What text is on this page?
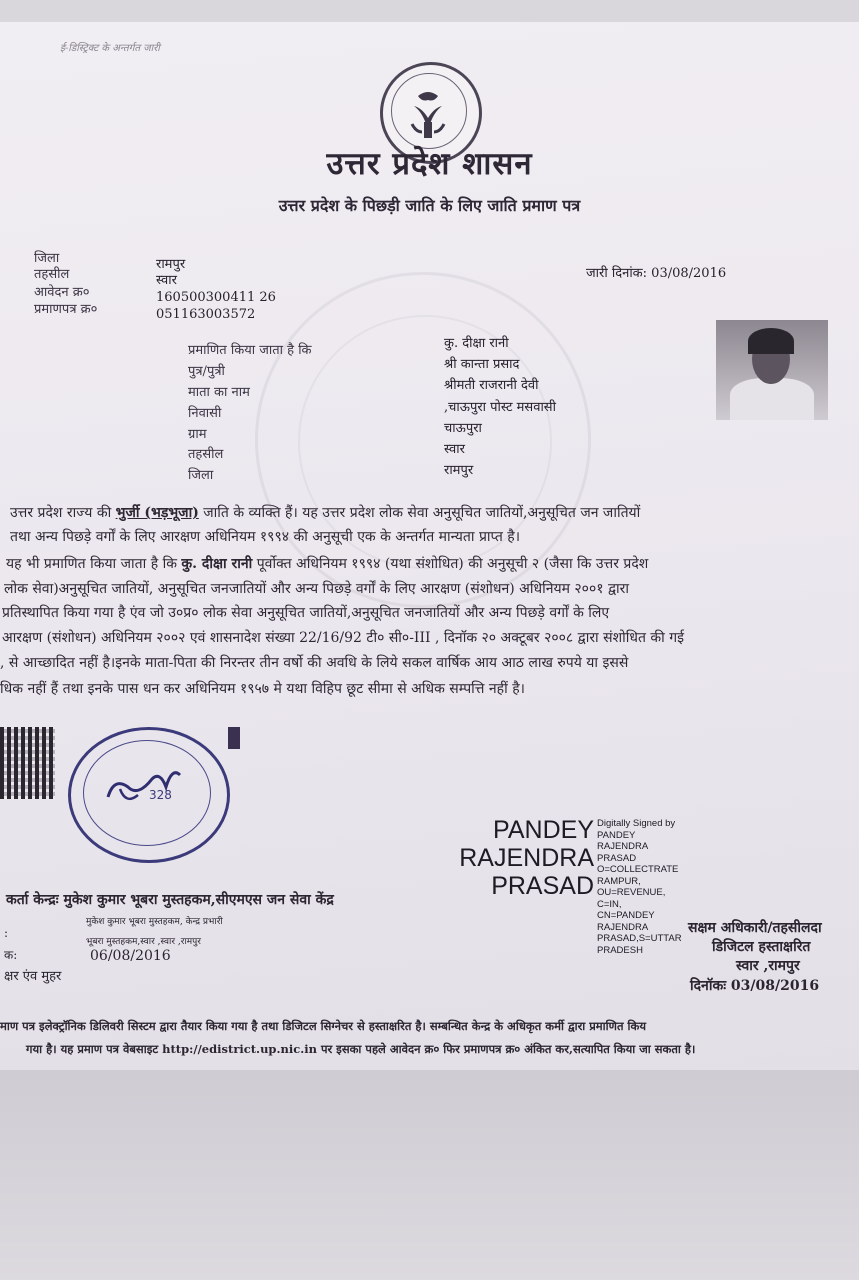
ई-डिस्ट्रिक्ट के अन्तर्गत जारी
उत्तर प्रदेश शासन
उत्तर प्रदेश के पिछड़ी जाति के लिए जाति प्रमाण पत्र
जिला	रामपुर
तहसील	स्वार
आवेदन क्र०	160500300411 26
प्रमाणपत्र क्र०	051163003572
जारी दिनांक: 03/08/2016
प्रमाणित किया जाता है कि	कु. दीक्षा रानी
पुत्र/पुत्री	श्री कान्ता प्रसाद
माता का नाम	श्रीमती राजरानी देवी
निवासी	,चाऊपुरा पोस्ट मसवासी
ग्राम	चाऊपुरा
तहसील	स्वार
जिला	रामपुर
उत्तर प्रदेश राज्य की भुर्जी (भड़भूजा) जाति के व्यक्ति हैं। यह उत्तर प्रदेश लोक सेवा अनुसूचित जातियों,अनुसूचित जन जातियों
तथा अन्य पिछड़े वर्गों के लिए आरक्षण अधिनियम १९९४ की अनुसूची एक के अन्तर्गत मान्यता प्राप्त है।
यह भी प्रमाणित किया जाता है कि कु. दीक्षा रानी पूर्वोक्त अधिनियम १९९४ (यथा संशोधित) की अनुसूची २ (जैसा कि उत्तर प्रदेश
लोक सेवा)अनुसूचित जातियों, अनुसूचित जनजातियों और अन्य पिछड़े वर्गों के लिए आरक्षण (संशोधन) अधिनियम २००१ द्वारा
प्रतिस्थापित किया गया है एंव जो उ०प्र० लोक सेवा अनुसूचित जातियों,अनुसूचित जनजातियों और अन्य पिछड़े वर्गों के लिए
आरक्षण (संशोधन) अधिनियम २००२ एवं शासनादेश संख्या 22/16/92 टी० सी०-III , दिनॉक २० अक्टूबर २००८ द्वारा संशोधित की गई
, से आच्छादित नहीं है।इनके माता-पिता की निरन्तर तीन वर्षो की अवधि के लिये सकल वार्षिक आय आठ लाख रुपये या इससे
धिक नहीं हैं तथा इनके पास धन कर अधिनियम १९५७ मे यथा विहिप छूट सीमा से अधिक सम्पत्ति नहीं है।
328
PANDEY
RAJENDRA
PRASAD
Digitally Signed by
PANDEY
RAJENDRA
PRASAD
O=COLLECTRATE
RAMPUR,
OU=REVENUE,
C=IN,
CN=PANDEY
RAJENDRA
PRASAD,S=UTTAR
PRADESH
कर्ता केन्द्रः मुकेश कुमार भूबरा मुस्तहकम,सीएमएस जन सेवा केंद्र
मुकेश कुमार भूबरा मुस्तहकम, केन्द्र प्रभारी
:
भूबरा मुस्तहकम,स्वार ,स्वार ,रामपुर
क:	06/08/2016
क्षर एंव मुहर
सक्षम अधिकारी/तहसीलदा
डिजिटल हस्ताक्षरित
स्वार ,रामपुर
दिनॉकः 03/08/2016
माण पत्र इलेक्ट्रॉनिक डिलिवरी सिस्टम द्वारा तैयार किया गया है तथा डिजिटल सिग्नेचर से हस्ताक्षरित है। सम्बन्धित केन्द्र के अधिकृत कर्मी द्वारा प्रमाणित किय
गया है। यह प्रमाण पत्र वेबसाइट http://edistrict.up.nic.in पर इसका पहले आवेदन क्र० फिर प्रमाणपत्र क्र० अंकित कर,सत्यापित किया जा सकता है।
